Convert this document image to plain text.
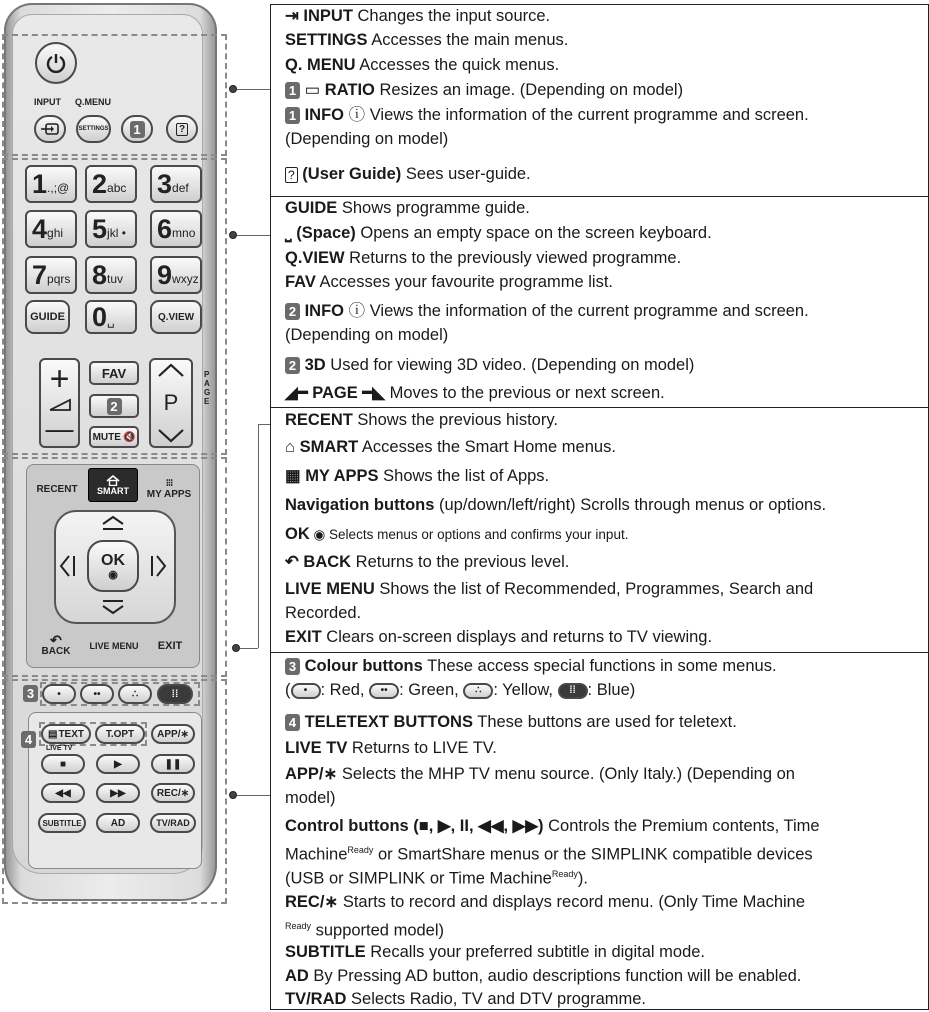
INPUT Q.MENU
SETTINGS 1	?
1 .,;@ 2 abc 3 def
4 ghi 5 jkl • 6 mno
7 pqrs 8 tuv 9 wxyz
GUIDE 0 ␣	Q.VIEW
+
—
FAV
2
MUTE 🔇
P
PAGE
RECENT	SMART
⁝⁝⁝
MY APPS
OK
◉
↶
BACK	LIVE MENU	EXIT
3	•	••	∴	⁞⁞
4	▤ TEXT	T.OPT	APP/∗
LIVE TV
■	▶	❚❚
◀◀	▶▶	REC/∗
SUBTITLE	AD	TV/RAD
⇥ INPUT Changes the input source.
SETTINGS Accesses the main menus.
Q. MENU Accesses the quick menus.
1 ▭ RATIO Resizes an image. (Depending on model)
1 INFO ⓘ Views the information of the current programme and screen.
(Depending on model)
? (User Guide) Sees user-guide.
GUIDE Shows programme guide.
⎵ (Space) Opens an empty space on the screen keyboard.
Q.VIEW Returns to the previously viewed programme.
FAV Accesses your favourite programme list.
2 INFO ⓘ Views the information of the current programme and screen.
(Depending on model)
2 3D Used for viewing 3D video. (Depending on model)
◢━ PAGE ━◣ Moves to the previous or next screen.
RECENT Shows the previous history.
⌂ SMART Accesses the Smart Home menus.
▦ MY APPS Shows the list of Apps.
Navigation buttons (up/down/left/right) Scrolls through menus or options.
OK ◉ Selects menus or options and confirms your input.
↶ BACK Returns to the previous level.
LIVE MENU Shows the list of Recommended, Programmes, Search and
Recorded.
EXIT Clears on-screen displays and returns to TV viewing.
3 Colour buttons These access special functions in some menus.
( • : Red, •• : Green, ∴ : Yellow, ⁞⁞ : Blue)
4 TELETEXT BUTTONS These buttons are used for teletext.
LIVE TV Returns to LIVE TV.
APP/∗ Selects the MHP TV menu source. (Only Italy.) (Depending on
model)
Control buttons (■, ▶, II, ◀◀, ▶▶) Controls the Premium contents, Time
Machine$^{Ready}$ or SmartShare menus or the SIMPLINK compatible devices
(USB or SIMPLINK or Time Machine$^{Ready}$).
REC/∗ Starts to record and displays record menu. (Only Time Machine
$^{Ready}$ supported model)
SUBTITLE Recalls your preferred subtitle in digital mode.
AD By Pressing AD button, audio descriptions function will be enabled.
TV/RAD Selects Radio, TV and DTV programme.
